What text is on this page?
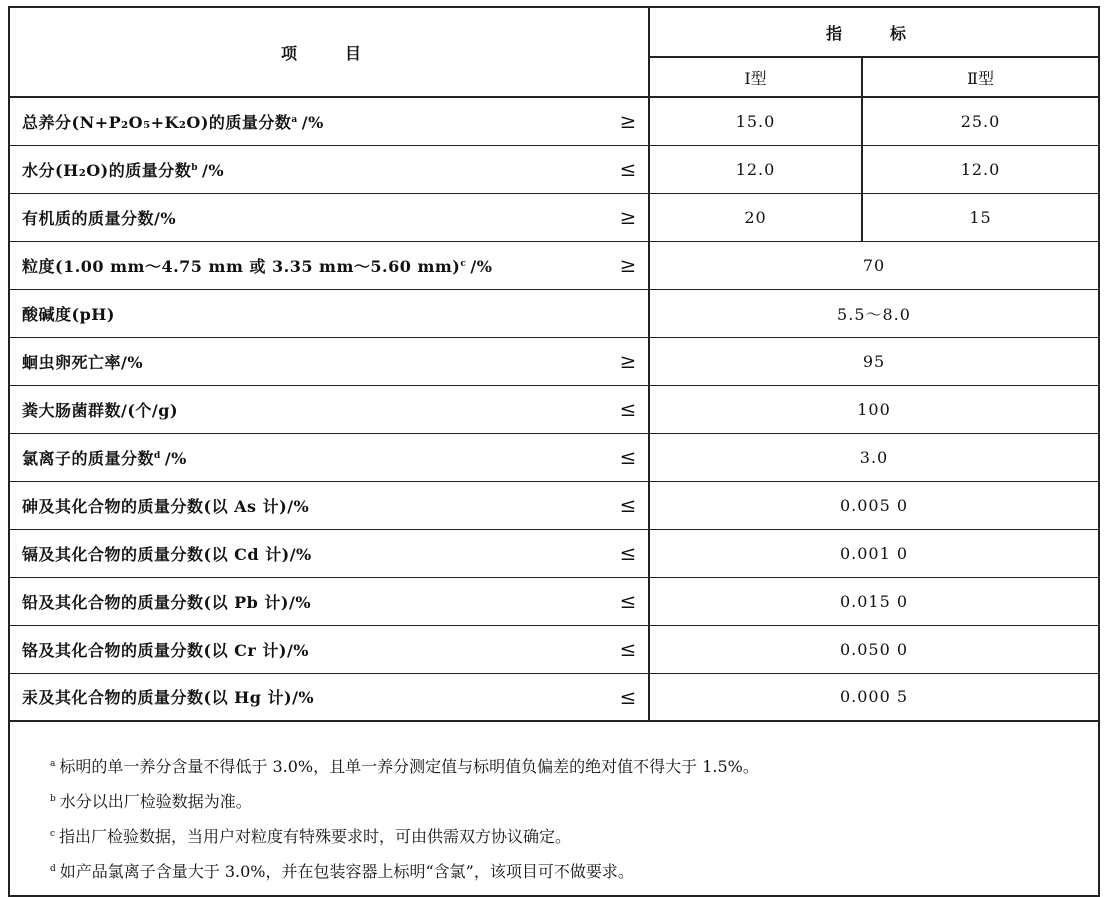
项　目	指　标	

	Ⅰ型	Ⅱ型

总养分(N+P₂O₅+K₂O)的质量分数$^a$ /% ≥	15.0	25.0

水分(H₂O)的质量分数$^b$ /% ≤	12.0	12.0

有机质的质量分数/% ≥	20	15

粒度(1.00 mm～4.75 mm 或 3.35 mm～5.60 mm)$^c$ /% ≥	70	

酸碱度(pH)	5.5～8.0	

蛔虫卵死亡率/% ≥	95	

粪大肠菌群数/(个/g) ≤	100	

氯离子的质量分数$^d$ /% ≤	3.0	

砷及其化合物的质量分数(以 As 计)/% ≤	0.005 0	

镉及其化合物的质量分数(以 Cd 计)/% ≤	0.001 0	

铅及其化合物的质量分数(以 Pb 计)/% ≤	0.015 0	

铬及其化合物的质量分数(以 Cr 计)/% ≤	0.050 0	

汞及其化合物的质量分数(以 Hg 计)/% ≤	0.000 5	

$^a$ 标明的单一养分含量不得低于 3.0%，且单一养分测定值与标明值负偏差的绝对值不得大于 1.5%。
$^b$ 水分以出厂检验数据为准。
$^c$ 指出厂检验数据，当用户对粒度有特殊要求时，可由供需双方协议确定。
$^d$ 如产品氯离子含量大于 3.0%，并在包装容器上标明“含氯”，该项目可不做要求。		
